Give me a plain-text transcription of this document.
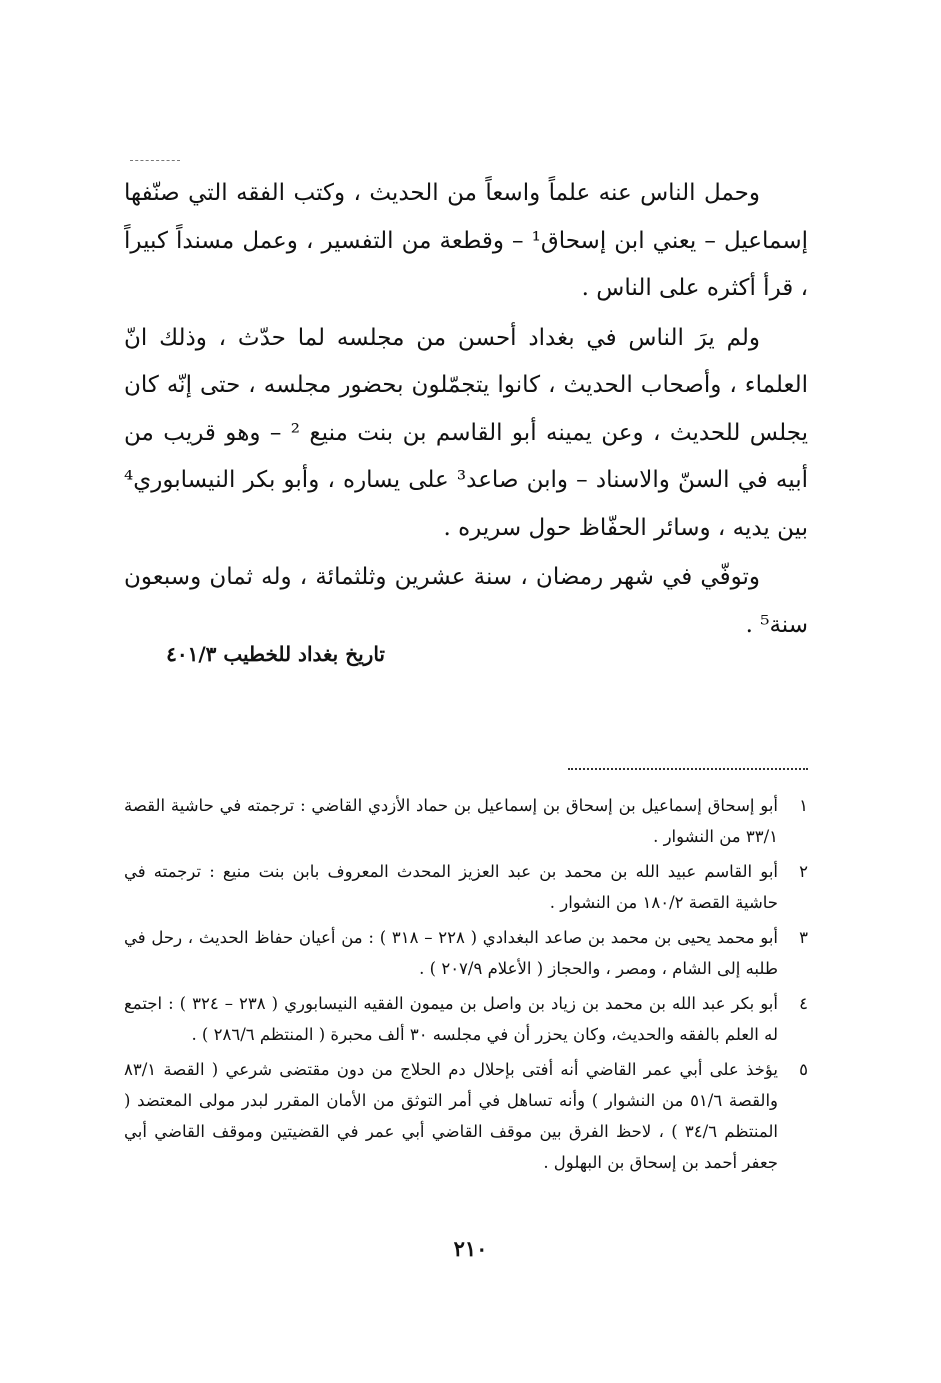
وحمل الناس عنه علماً واسعاً من الحديث ، وكتب الفقه التي صنّفها إسماعيل – يعني ابن إسحاق¹ – وقطعة من التفسير ، وعمل مسنداً كبيراً ، قرأ أكثره على الناس .

ولم يرَ الناس في بغداد أحسن من مجلسه لما حدّث ، وذلك انّ العلماء ، وأصحاب الحديث ، كانوا يتجمّلون بحضور مجلسه ، حتى إنّه كان يجلس للحديث ، وعن يمينه أبو القاسم بن بنت منيع ² – وهو قريب من أبيه في السنّ والاسناد – وابن صاعد³ على يساره ، وأبو بكر النيسابوري⁴ بين يديه ، وسائر الحفّاظ حول سريره .

وتوفّي في شهر رمضان ، سنة عشرين وثلثمائة ، وله ثمان وسبعون سنة⁵ .

تاريخ بغداد للخطيب ٤٠١/٣
١
أبو إسحاق إسماعيل بن إسحاق بن إسماعيل بن حماد الأزدي القاضي : ترجمته في حاشية القصة ٣٣/١ من النشوار .
٢
أبو القاسم عبيد الله بن محمد بن عبد العزيز المحدث المعروف بابن بنت منيع : ترجمته في حاشية القصة ١٨٠/٢ من النشوار .
٣
أبو محمد يحيى بن محمد بن صاعد البغدادي ( ٢٢٨ – ٣١٨ ) : من أعيان حفاظ الحديث ، رحل في طلبه إلى الشام ، ومصر ، والحجاز ( الأعلام ٢٠٧/٩ ) .
٤
أبو بكر عبد الله بن محمد بن زياد بن واصل بن ميمون الفقيه النيسابوري ( ٢٣٨ – ٣٢٤ ) : اجتمع له العلم بالفقه والحديث، وكان يحزر أن في مجلسه ٣٠ ألف محبرة ( المنتظم ٢٨٦/٦ ) .
٥
يؤخذ على أبي عمر القاضي أنه أفتى بإحلال دم الحلاج من دون مقتضى شرعي ( القصة ٨٣/١ والقصة ٥١/٦ من النشوار ) وأنه تساهل في أمر التوثق من الأمان المقرر لبدر مولى المعتضد ( المنتظم ٣٤/٦ ) ، لاحظ الفرق بين موقف القاضي أبي عمر في القضيتين وموقف القاضي أبي جعفر أحمد بن إسحاق بن البهلول .
٢١٠
